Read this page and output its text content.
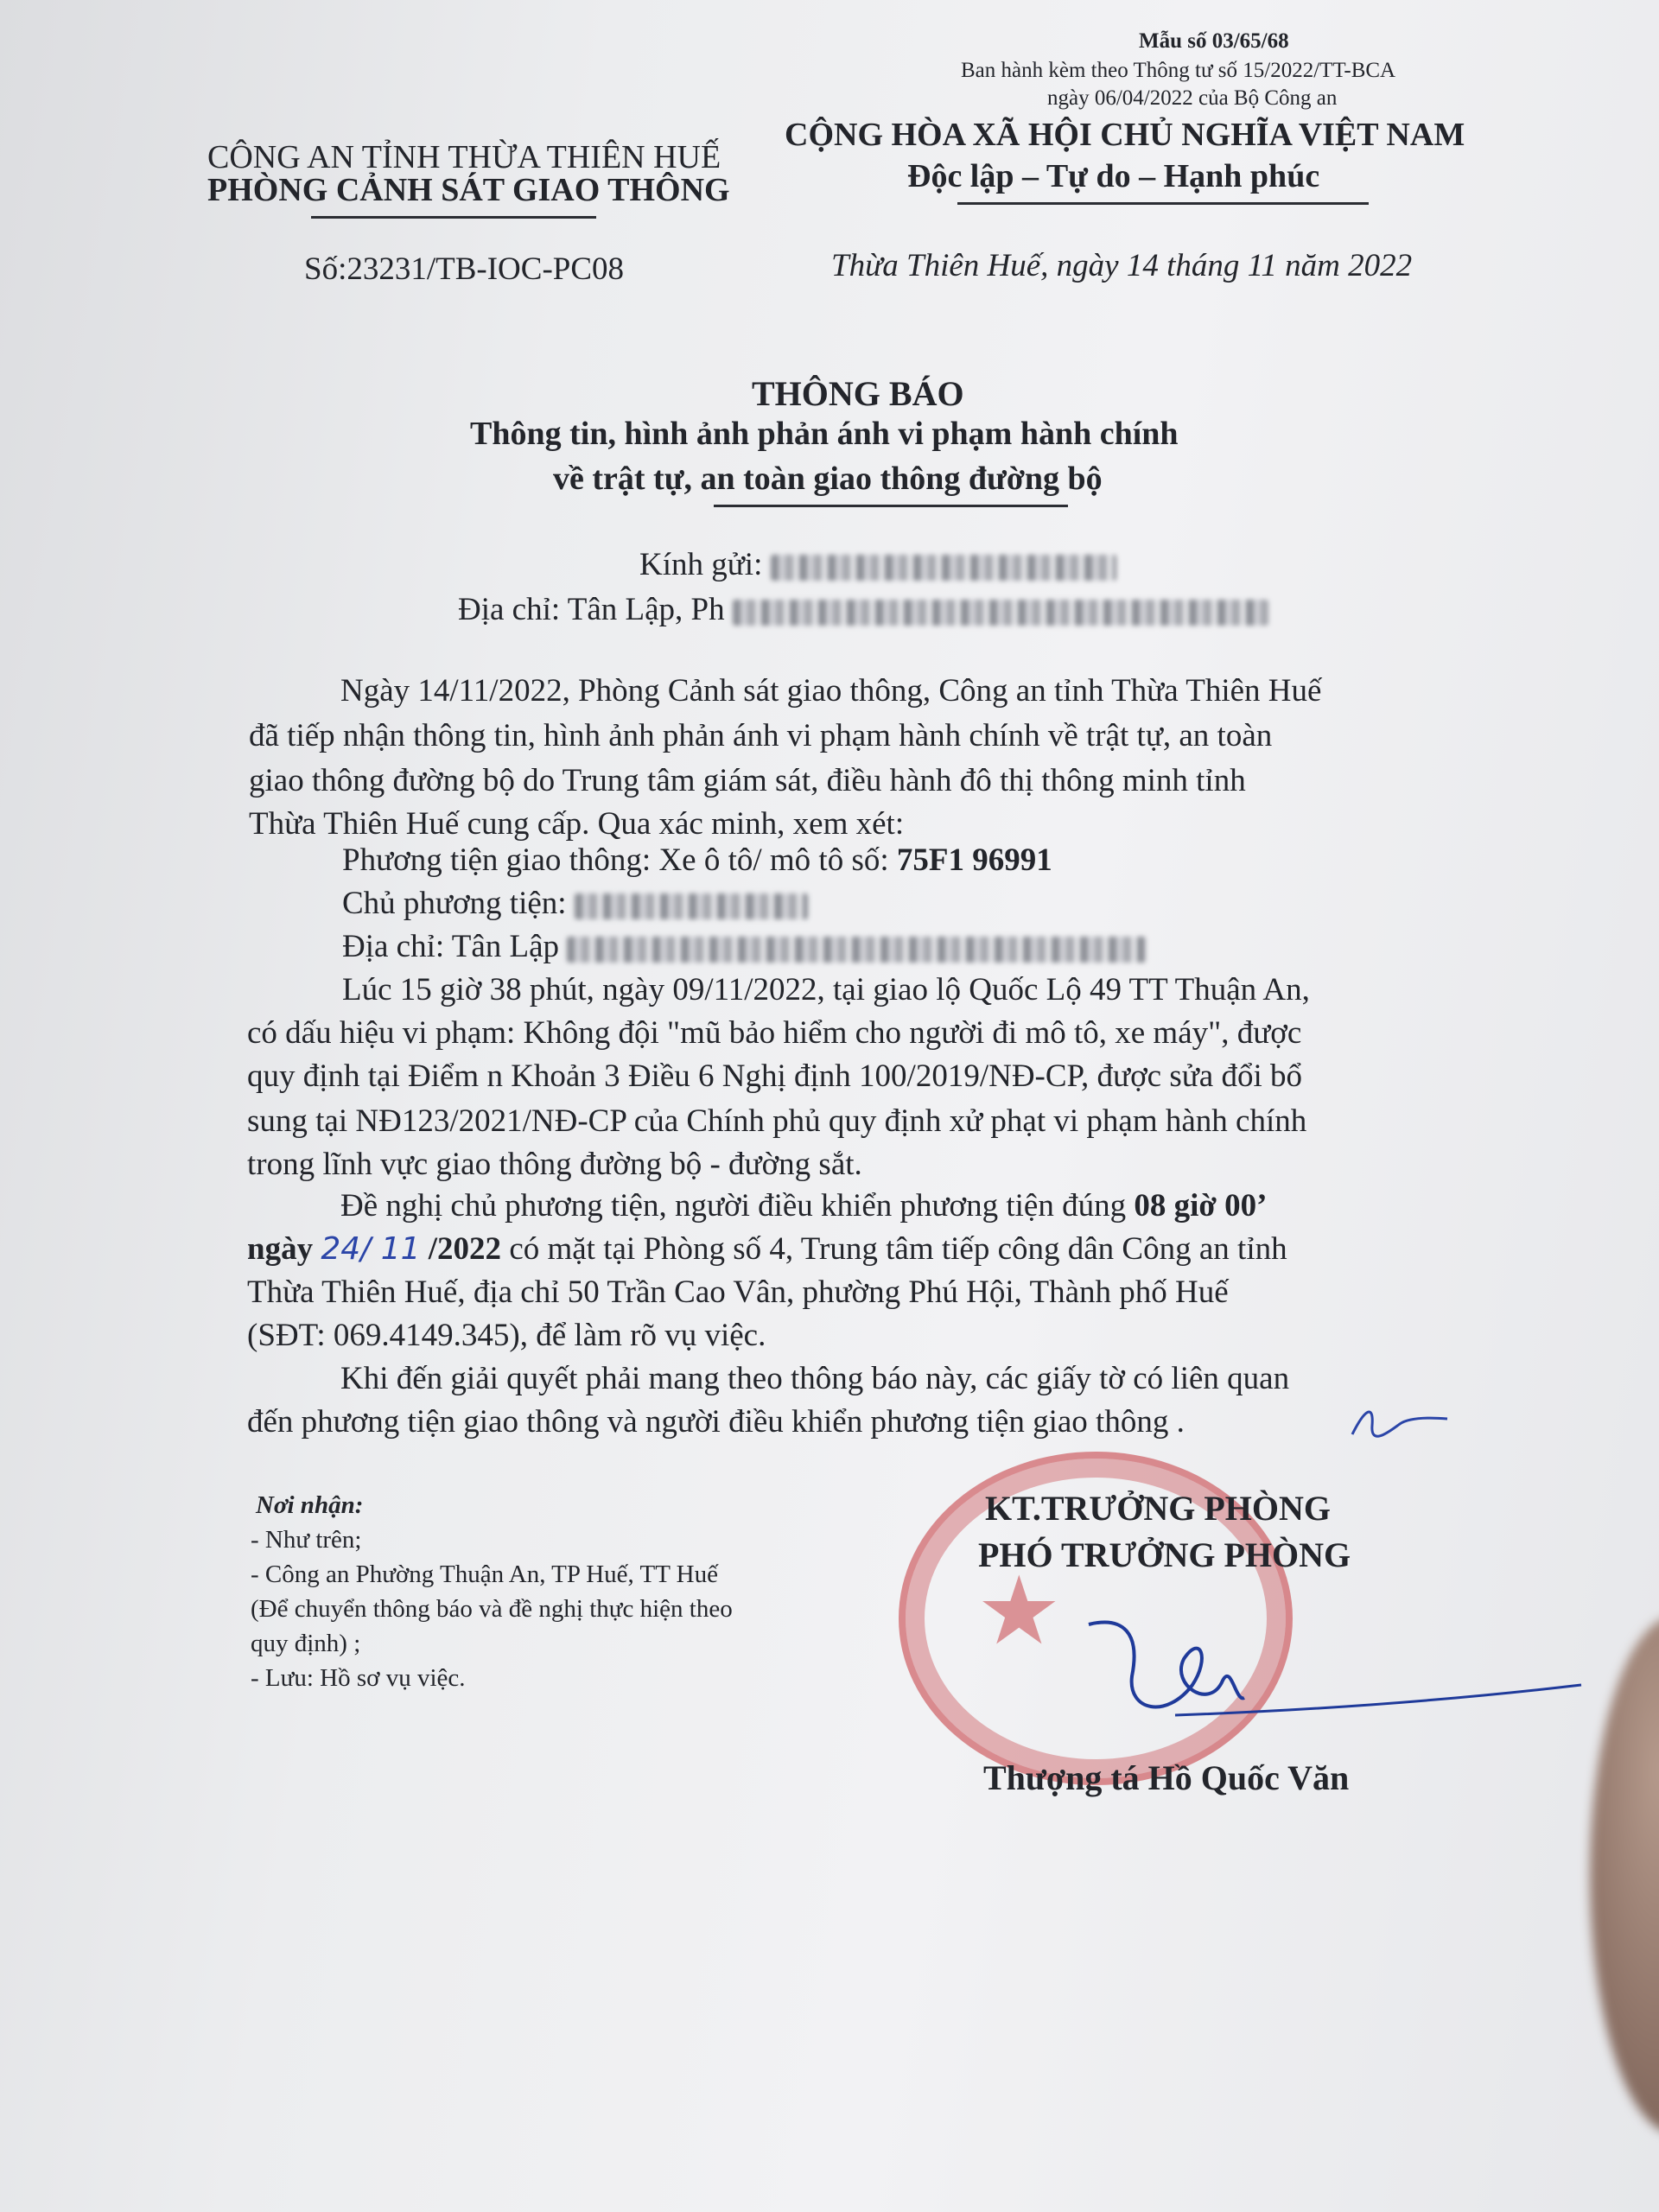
Mẫu số 03/65/68
Ban hành kèm theo Thông tư số 15/2022/TT-BCA
ngày 06/04/2022 của Bộ Công an
CÔNG AN TỈNH THỪA THIÊN HUẾ
PHÒNG CẢNH SÁT GIAO THÔNG
CỘNG HÒA XÃ HỘI CHỦ NGHĨA VIỆT NAM
Độc lập – Tự do – Hạnh phúc
Số:23231/TB-IOC-PC08	Thừa Thiên Huế, ngày 14 tháng 11 năm 2022
THÔNG BÁO
Thông tin, hình ảnh phản ánh vi phạm hành chính
về trật tự, an toàn giao thông đường bộ
Kính gửi:
Địa chỉ: Tân Lập, Ph
Ngày 14/11/2022, Phòng Cảnh sát giao thông, Công an tỉnh Thừa Thiên Huế
đã tiếp nhận thông tin, hình ảnh phản ánh vi phạm hành chính về trật tự, an toàn
giao thông đường bộ do Trung tâm giám sát, điều hành đô thị thông minh tỉnh
Thừa Thiên Huế cung cấp. Qua xác minh, xem xét:
Phương tiện giao thông: Xe ô tô/ mô tô số: 75F1 96991
Chủ phương tiện:
Địa chỉ: Tân Lập
Lúc 15 giờ 38 phút, ngày 09/11/2022, tại giao lộ Quốc Lộ 49 TT Thuận An,
có dấu hiệu vi phạm: Không đội "mũ bảo hiểm cho người đi mô tô, xe máy", được
quy định tại Điểm n Khoản 3 Điều 6 Nghị định 100/2019/NĐ-CP, được sửa đổi bổ
sung tại NĐ123/2021/NĐ-CP của Chính phủ quy định xử phạt vi phạm hành chính
trong lĩnh vực giao thông đường bộ - đường sắt.
Đề nghị chủ phương tiện, người điều khiển phương tiện đúng 08 giờ 00’
ngày 24/ 11 /2022 có mặt tại Phòng số 4, Trung tâm tiếp công dân Công an tỉnh
Thừa Thiên Huế, địa chỉ 50 Trần Cao Vân, phường Phú Hội, Thành phố Huế
(SĐT: 069.4149.345), để làm rõ vụ việc.
Khi đến giải quyết phải mang theo thông báo này, các giấy tờ có liên quan
đến phương tiện giao thông và người điều khiển phương tiện giao thông .
Nơi nhận:
- Như trên;
- Công an Phường Thuận An, TP Huế, TT Huế
(Để chuyển thông báo và đề nghị thực hiện theo
quy định) ;
- Lưu: Hồ sơ vụ việc.
★
KT.TRƯỞNG PHÒNG
PHÓ TRƯỞNG PHÒNG
Thượng tá Hồ Quốc Văn
